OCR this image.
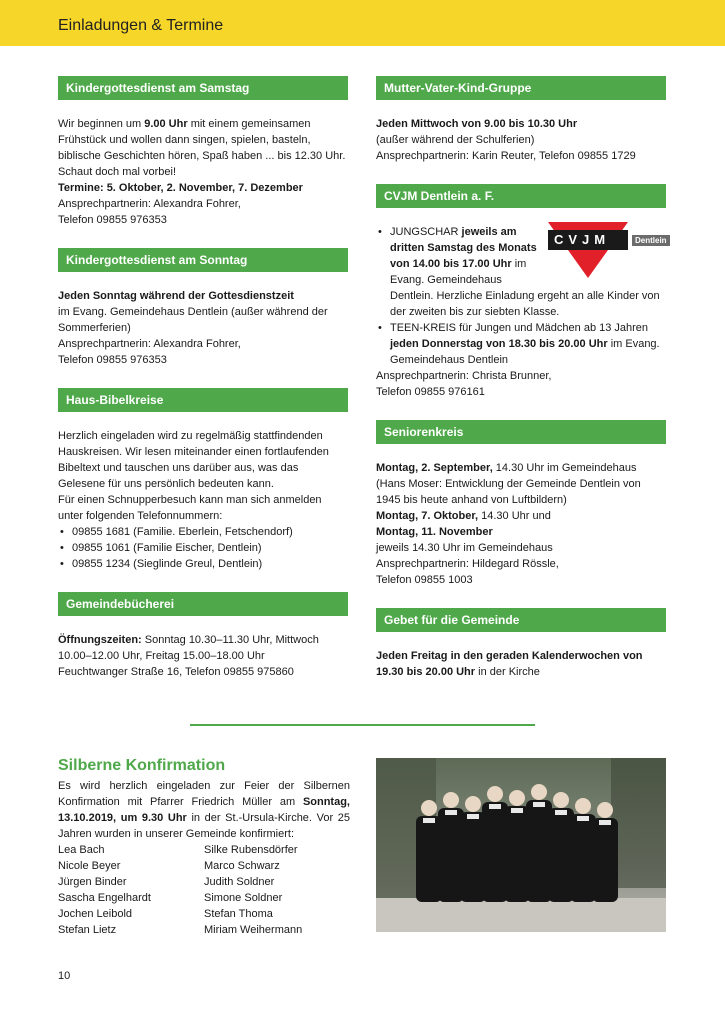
Einladungen & Termine
Kindergottesdienst am Samstag

Wir beginnen um 9.00 Uhr mit einem gemeinsamen Frühstück und wollen dann singen, spielen, basteln, biblische Geschichten hören, Spaß haben ... bis 12.30 Uhr. Schaut doch mal vorbei!

Termine: 5. Oktober, 2. November, 7. Dezember

Ansprechpartnerin: Alexandra Fohrer,

Telefon 09855 976353

Kindergottesdienst am Sonntag

Jeden Sonntag während der Gottesdienstzeit

im Evang. Gemeindehaus Dentlein (außer während der Sommerferien)

Ansprechpartnerin: Alexandra Fohrer,

Telefon 09855 976353

Haus-Bibelkreise

Herzlich eingeladen wird zu regelmäßig stattfindenden Hauskreisen. Wir lesen miteinander einen fortlaufenden Bibeltext und tauschen uns darüber aus, was das Gelesene für uns persönlich bedeuten kann.

Für einen Schnupperbesuch kann man sich anmelden unter folgenden Telefonnummern:

• 09855 1681 (Familie. Eberlein, Fetschendorf)
• 09855 1061 (Familie Eischer, Dentlein)
• 09855 1234 (Sieglinde Greul, Dentlein)
Gemeindebücherei

Öffnungszeiten: Sonntag 10.30–11.30 Uhr, Mittwoch 10.00–12.00 Uhr, Freitag 15.00–18.00 Uhr

Feuchtwanger Straße 16, Telefon 09855 975860

Mutter-Vater-Kind-Gruppe

Jeden Mittwoch von 9.00 bis 10.30 Uhr

(außer während der Schulferien)

Ansprechpartnerin: Karin Reuter, Telefon 09855 1729

CVJM Dentlein a. F.
CVJM	Dentlein
• JUNGSCHAR jeweils am dritten Samstag des Monats von 14.00 bis 17.00 Uhr im Evang. Gemeindehaus Dentlein. Herzliche Einladung ergeht an alle Kinder von der zweiten bis zur siebten Klasse.
• TEEN-KREIS für Jungen und Mädchen ab 13 Jahren jeden Donnerstag von 18.30 bis 20.00 Uhr im Evang. Gemeindehaus Dentlein

Ansprechpartnerin: Christa Brunner,

Telefon 09855 976161

Seniorenkreis

Montag, 2. September, 14.30 Uhr im Gemeindehaus (Hans Moser: Entwicklung der Gemeinde Dentlein von 1945 bis heute anhand von Luftbildern)

Montag, 7. Oktober, 14.30 Uhr und

Montag, 11. November

jeweils 14.30 Uhr im Gemeindehaus

Ansprechpartnerin: Hildegard Rössle,

Telefon 09855 1003

Gebet für die Gemeinde

Jeden Freitag in den geraden Kalenderwochen von 19.30 bis 20.00 Uhr in der Kirche

Silberne Konfirmation

Es wird herzlich eingeladen zur Feier der Silbernen Konfirmation mit Pfarrer Friedrich Müller am Sonntag, 13.10.2019, um 9.30 Uhr in der St.-Ursula-Kirche. Vor 25 Jahren wurden in unserer Gemeinde konfirmiert:

Lea Bach
Nicole Beyer
Jürgen Binder
Sascha Engelhardt
Jochen Leibold
Stefan Lietz
Silke Rubensdörfer
Marco Schwarz
Judith Soldner
Simone Soldner
Stefan Thoma
Miriam Weihermann
10
